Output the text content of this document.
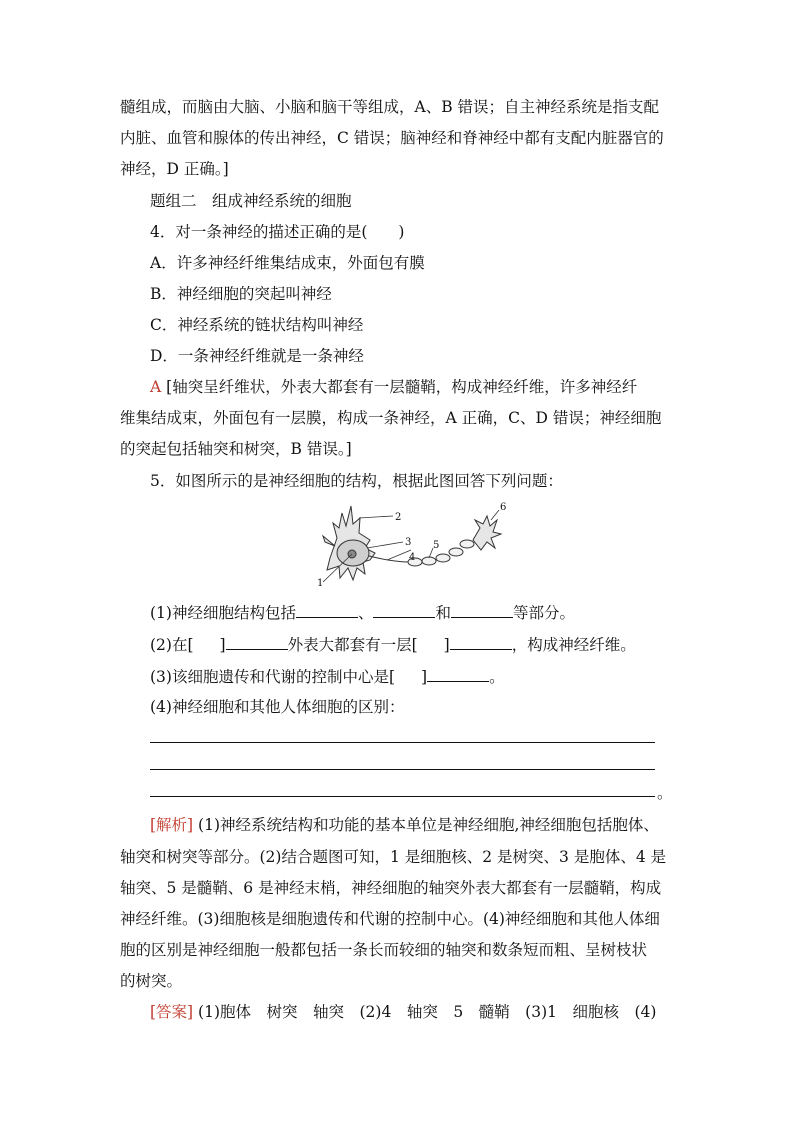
髓组成，而脑由大脑、小脑和脑干等组成，A、B 错误；自主神经系统是指支配
内脏、血管和腺体的传出神经，C 错误；脑神经和脊神经中都有支配内脏器官的
神经，D 正确。]
题组二　组成神经系统的细胞
4．对一条神经的描述正确的是(　　)
A．许多神经纤维集结成束，外面包有膜
B．神经细胞的突起叫神经
C．神经系统的链状结构叫神经
D．一条神经纤维就是一条神经
A [轴突呈纤维状，外表大都套有一层髓鞘，构成神经纤维，许多神经纤
维集结成束，外面包有一层膜，构成一条神经，A 正确，C、D 错误；神经细胞
的突起包括轴突和树突，B 错误。]
5．如图所示的是神经细胞的结构，根据此图回答下列问题：
1
2
3
4
5
6
(1)神经细胞结构包括	、	和	等部分。
(2)在[ ]	外表大都套有一层[ ]	，构成神经纤维。
(3)该细胞遗传和代谢的控制中心是[ ]	。
(4)神经细胞和其他人体细胞的区别：
。
[解析] (1)神经系统结构和功能的基本单位是神经细胞,神经细胞包括胞体、
轴突和树突等部分。(2)结合题图可知，1 是细胞核、2 是树突、3 是胞体、4 是
轴突、5 是髓鞘、6 是神经末梢，神经细胞的轴突外表大都套有一层髓鞘，构成
神经纤维。(3)细胞核是细胞遗传和代谢的控制中心。(4)神经细胞和其他人体细
胞的区别是神经细胞一般都包括一条长而较细的轴突和数条短而粗、呈树枝状
的树突。
[答案] (1)胞体　树突　轴突　(2)4　轴突　5　髓鞘　(3)1　细胞核　(4)
